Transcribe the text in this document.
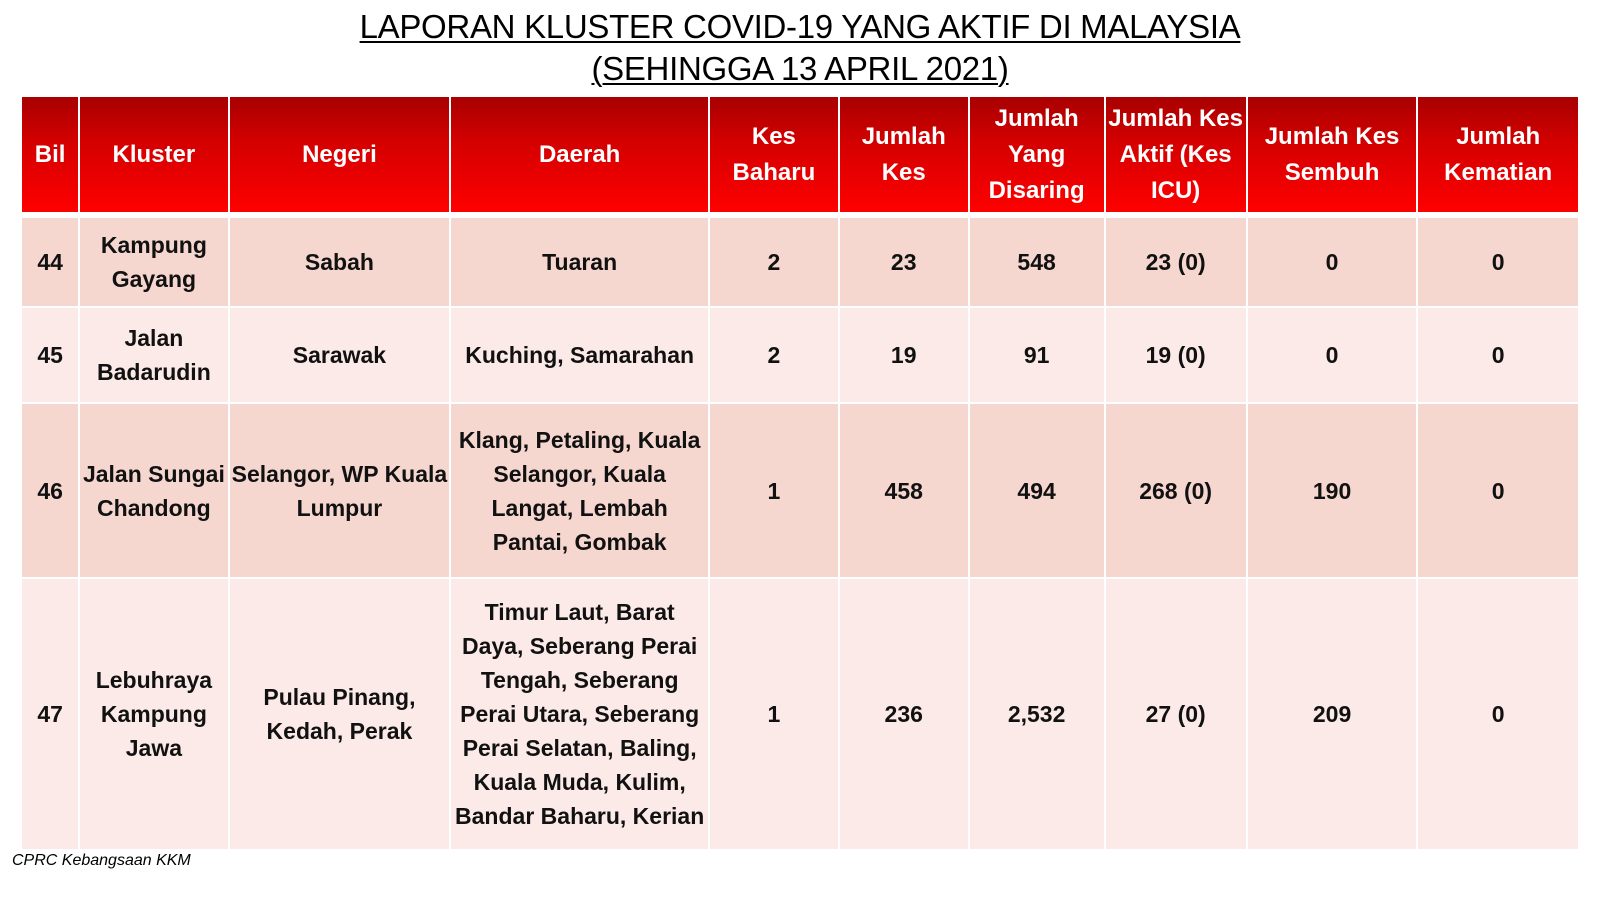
LAPORAN KLUSTER COVID-19 YANG AKTIF DI MALAYSIA
(SEHINGGA 13 APRIL 2021)
Bil	Kluster	Negeri	Daerah	Kes Baharu	Jumlah Kes	Jumlah Yang Disaring	Jumlah Kes Aktif (Kes ICU)	Jumlah Kes Sembuh	Jumlah Kematian
44	Kampung Gayang	Sabah	Tuaran	2	23	548	23 (0)	0	0
45	Jalan Badarudin	Sarawak	Kuching, Samarahan	2	19	91	19 (0)	0	0
46	Jalan Sungai Chandong	Selangor, WP Kuala Lumpur	Klang, Petaling, Kuala Selangor, Kuala Langat, Lembah Pantai, Gombak	1	458	494	268 (0)	190	0
47	Lebuhraya Kampung Jawa	Pulau Pinang, Kedah, Perak	Timur Laut, Barat Daya, Seberang Perai Tengah, Seberang Perai Utara, Seberang Perai Selatan, Baling, Kuala Muda, Kulim, Bandar Baharu, Kerian	1	236	2,532	27 (0)	209	0
CPRC Kebangsaan KKM
